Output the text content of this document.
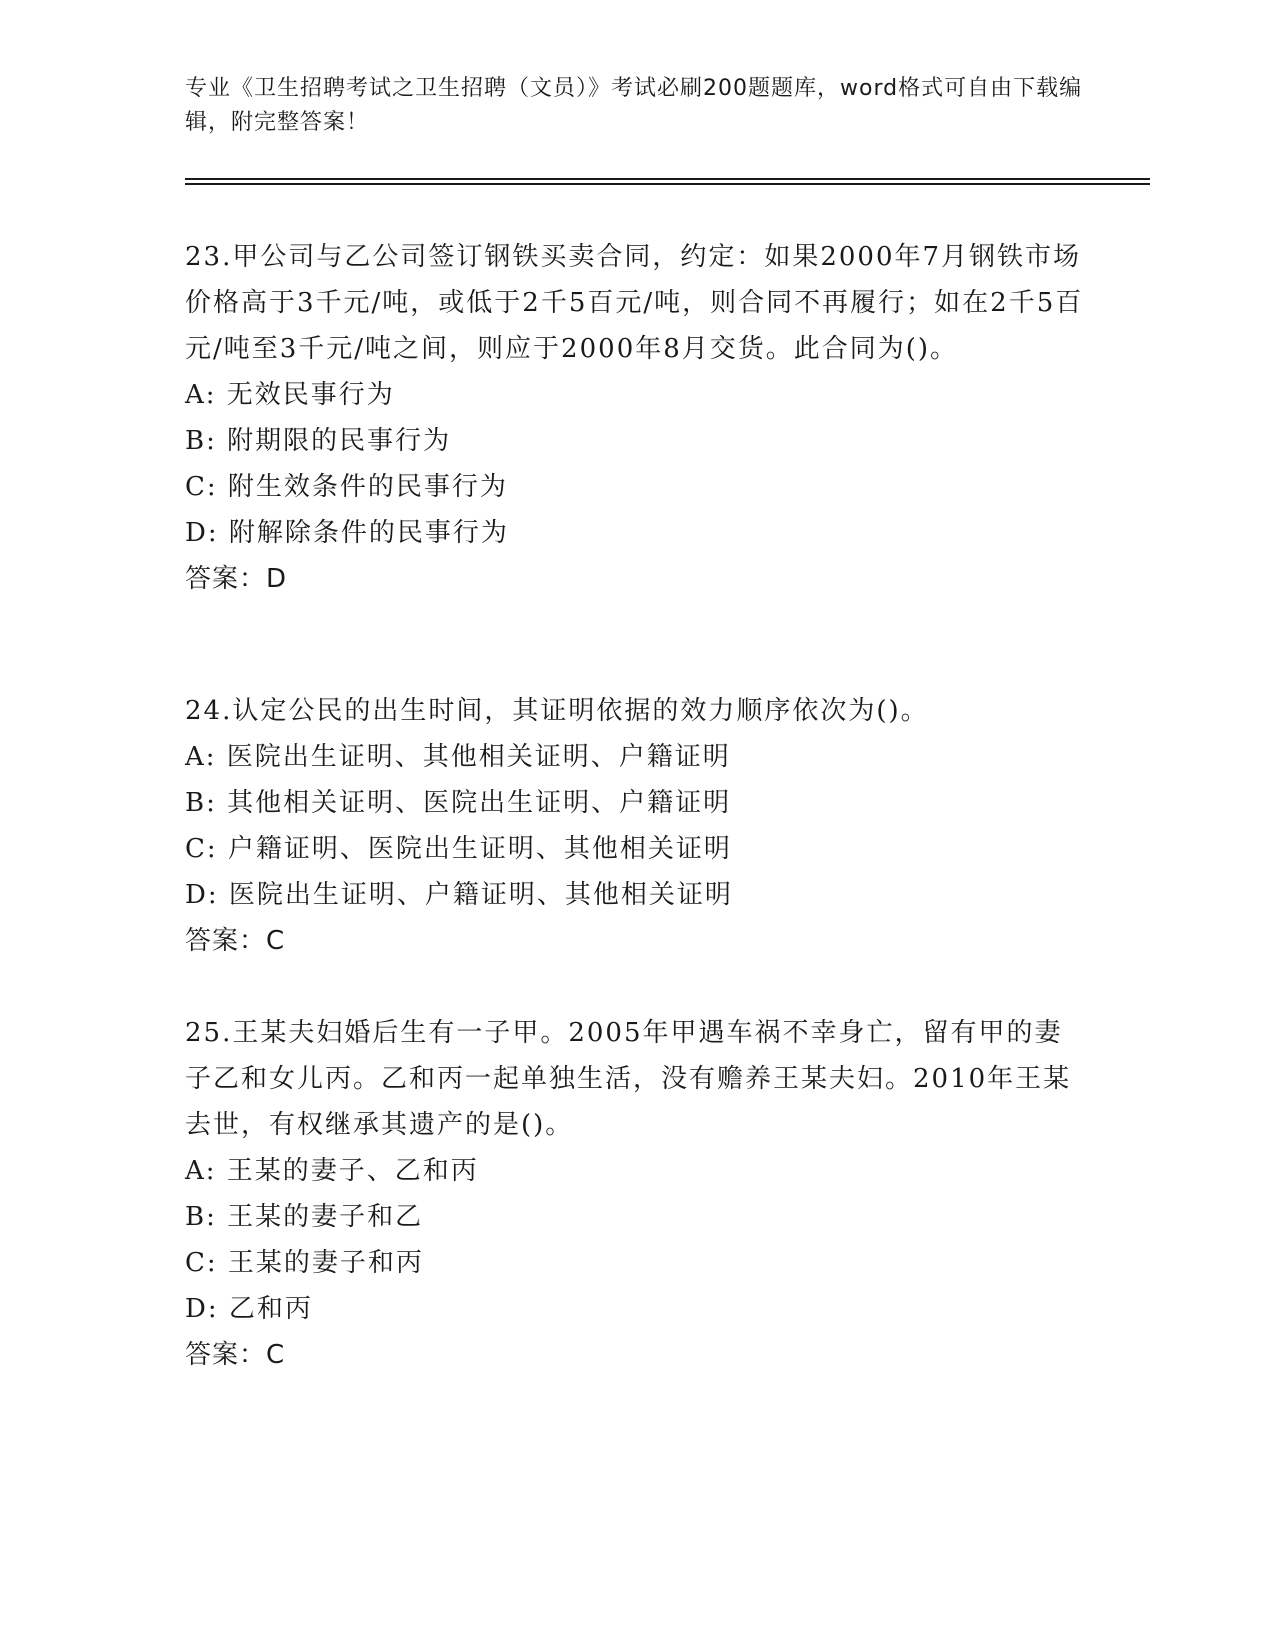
专业《卫生招聘考试之卫生招聘（文员）》考试必刷200题题库，word格式可自由下载编辑，附完整答案！

23.甲公司与乙公司签订钢铁买卖合同，约定：如果2000年7月钢铁市场价格高于3千元/吨，或低于2千5百元/吨，则合同不再履行；如在2千5百元/吨至3千元/吨之间，则应于2000年8月交货。此合同为()。

A: 无效民事行为

B: 附期限的民事行为

C: 附生效条件的民事行为

D: 附解除条件的民事行为

答案：D

24.认定公民的出生时间，其证明依据的效力顺序依次为()。

A: 医院出生证明、其他相关证明、户籍证明

B: 其他相关证明、医院出生证明、户籍证明

C: 户籍证明、医院出生证明、其他相关证明

D: 医院出生证明、户籍证明、其他相关证明

答案：C

25.王某夫妇婚后生有一子甲。2005年甲遇车祸不幸身亡，留有甲的妻子乙和女儿丙。乙和丙一起单独生活，没有赡养王某夫妇。2010年王某去世，有权继承其遗产的是()。

A: 王某的妻子、乙和丙

B: 王某的妻子和乙

C: 王某的妻子和丙

D: 乙和丙

答案：C
